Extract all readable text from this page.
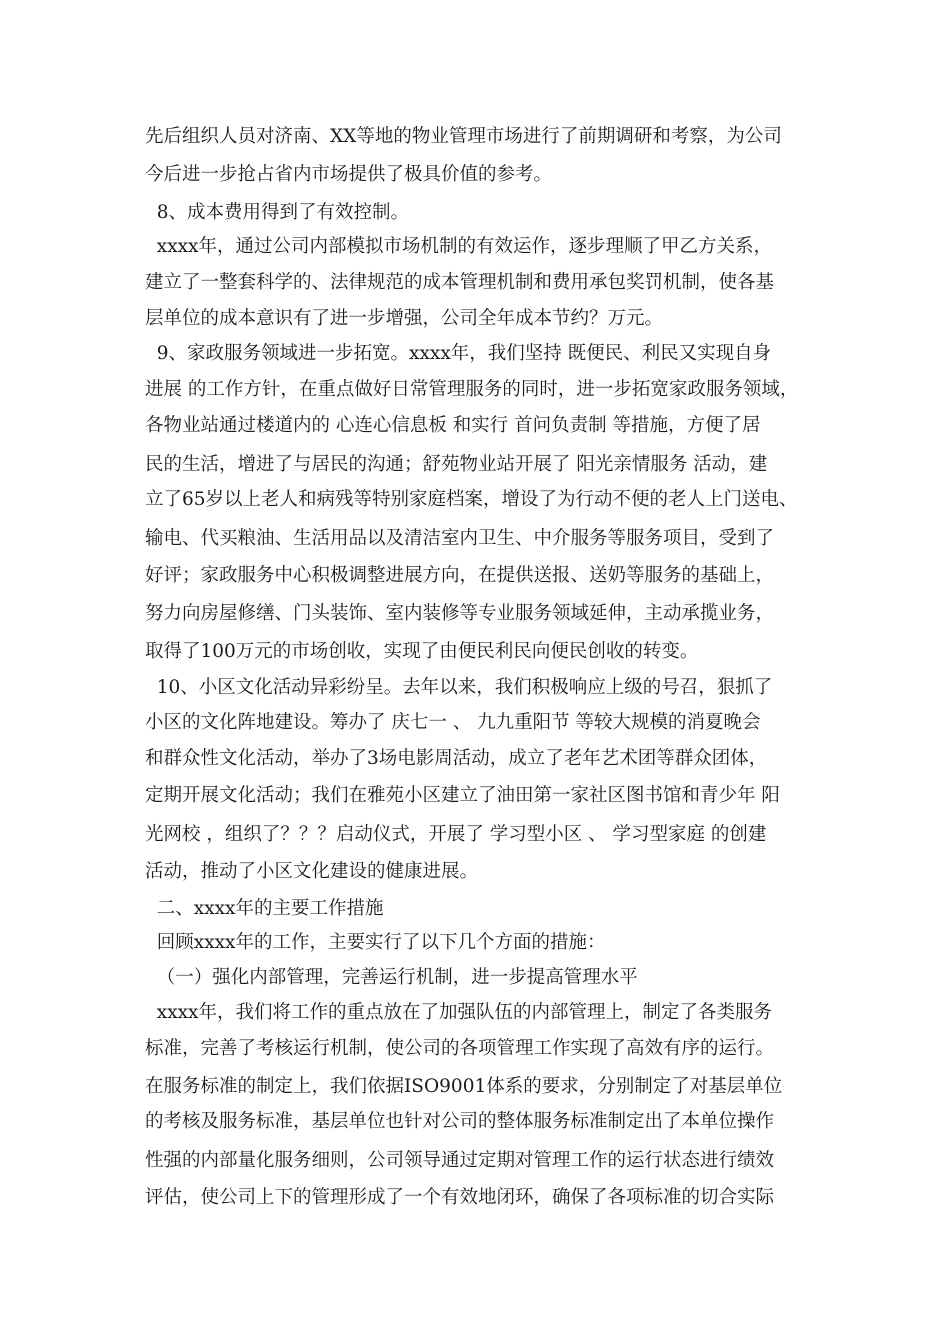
先后组织人员对济南、XX等地的物业管理市场进行了前期调研和考察，为公司
今后进一步抢占省内市场提供了极具价值的参考。
8、成本费用得到了有效控制。
xxxx年，通过公司内部模拟市场机制的有效运作，逐步理顺了甲乙方关系，
建立了一整套科学的、法律规范的成本管理机制和费用承包奖罚机制，使各基
层单位的成本意识有了进一步增强，公司全年成本节约？万元。
9、家政服务领域进一步拓宽。xxxx年，我们坚持 既便民、利民又实现自身
进展 的工作方针，在重点做好日常管理服务的同时，进一步拓宽家政服务领域，
各物业站通过楼道内的 心连心信息板 和实行 首问负责制 等措施，方便了居
民的生活，增进了与居民的沟通；舒苑物业站开展了 阳光亲情服务 活动，建
立了65岁以上老人和病残等特别家庭档案，增设了为行动不便的老人上门送电、
输电、代买粮油、生活用品以及清洁室内卫生、中介服务等服务项目，受到了
好评；家政服务中心积极调整进展方向，在提供送报、送奶等服务的基础上，
努力向房屋修缮、门头装饰、室内装修等专业服务领域延伸，主动承揽业务，
取得了100万元的市场创收，实现了由便民利民向便民创收的转变。
10、小区文化活动异彩纷呈。去年以来，我们积极响应上级的号召，狠抓了
小区的文化阵地建设。筹办了 庆七一 、 九九重阳节 等较大规模的消夏晚会
和群众性文化活动，举办了3场电影周活动，成立了老年艺术团等群众团体，
定期开展文化活动；我们在雅苑小区建立了油田第一家社区图书馆和青少年 阳
光网校 ，组织了？？？启动仪式，开展了 学习型小区 、 学习型家庭 的创建
活动，推动了小区文化建设的健康进展。
二、xxxx年的主要工作措施
回顾xxxx年的工作，主要实行了以下几个方面的措施：
（一）强化内部管理，完善运行机制，进一步提高管理水平
xxxx年，我们将工作的重点放在了加强队伍的内部管理上，制定了各类服务
标准，完善了考核运行机制，使公司的各项管理工作实现了高效有序的运行。
在服务标准的制定上，我们依据ISO9001体系的要求，分别制定了对基层单位
的考核及服务标准，基层单位也针对公司的整体服务标准制定出了本单位操作
性强的内部量化服务细则，公司领导通过定期对管理工作的运行状态进行绩效
评估，使公司上下的管理形成了一个有效地闭环，确保了各项标准的切合实际
